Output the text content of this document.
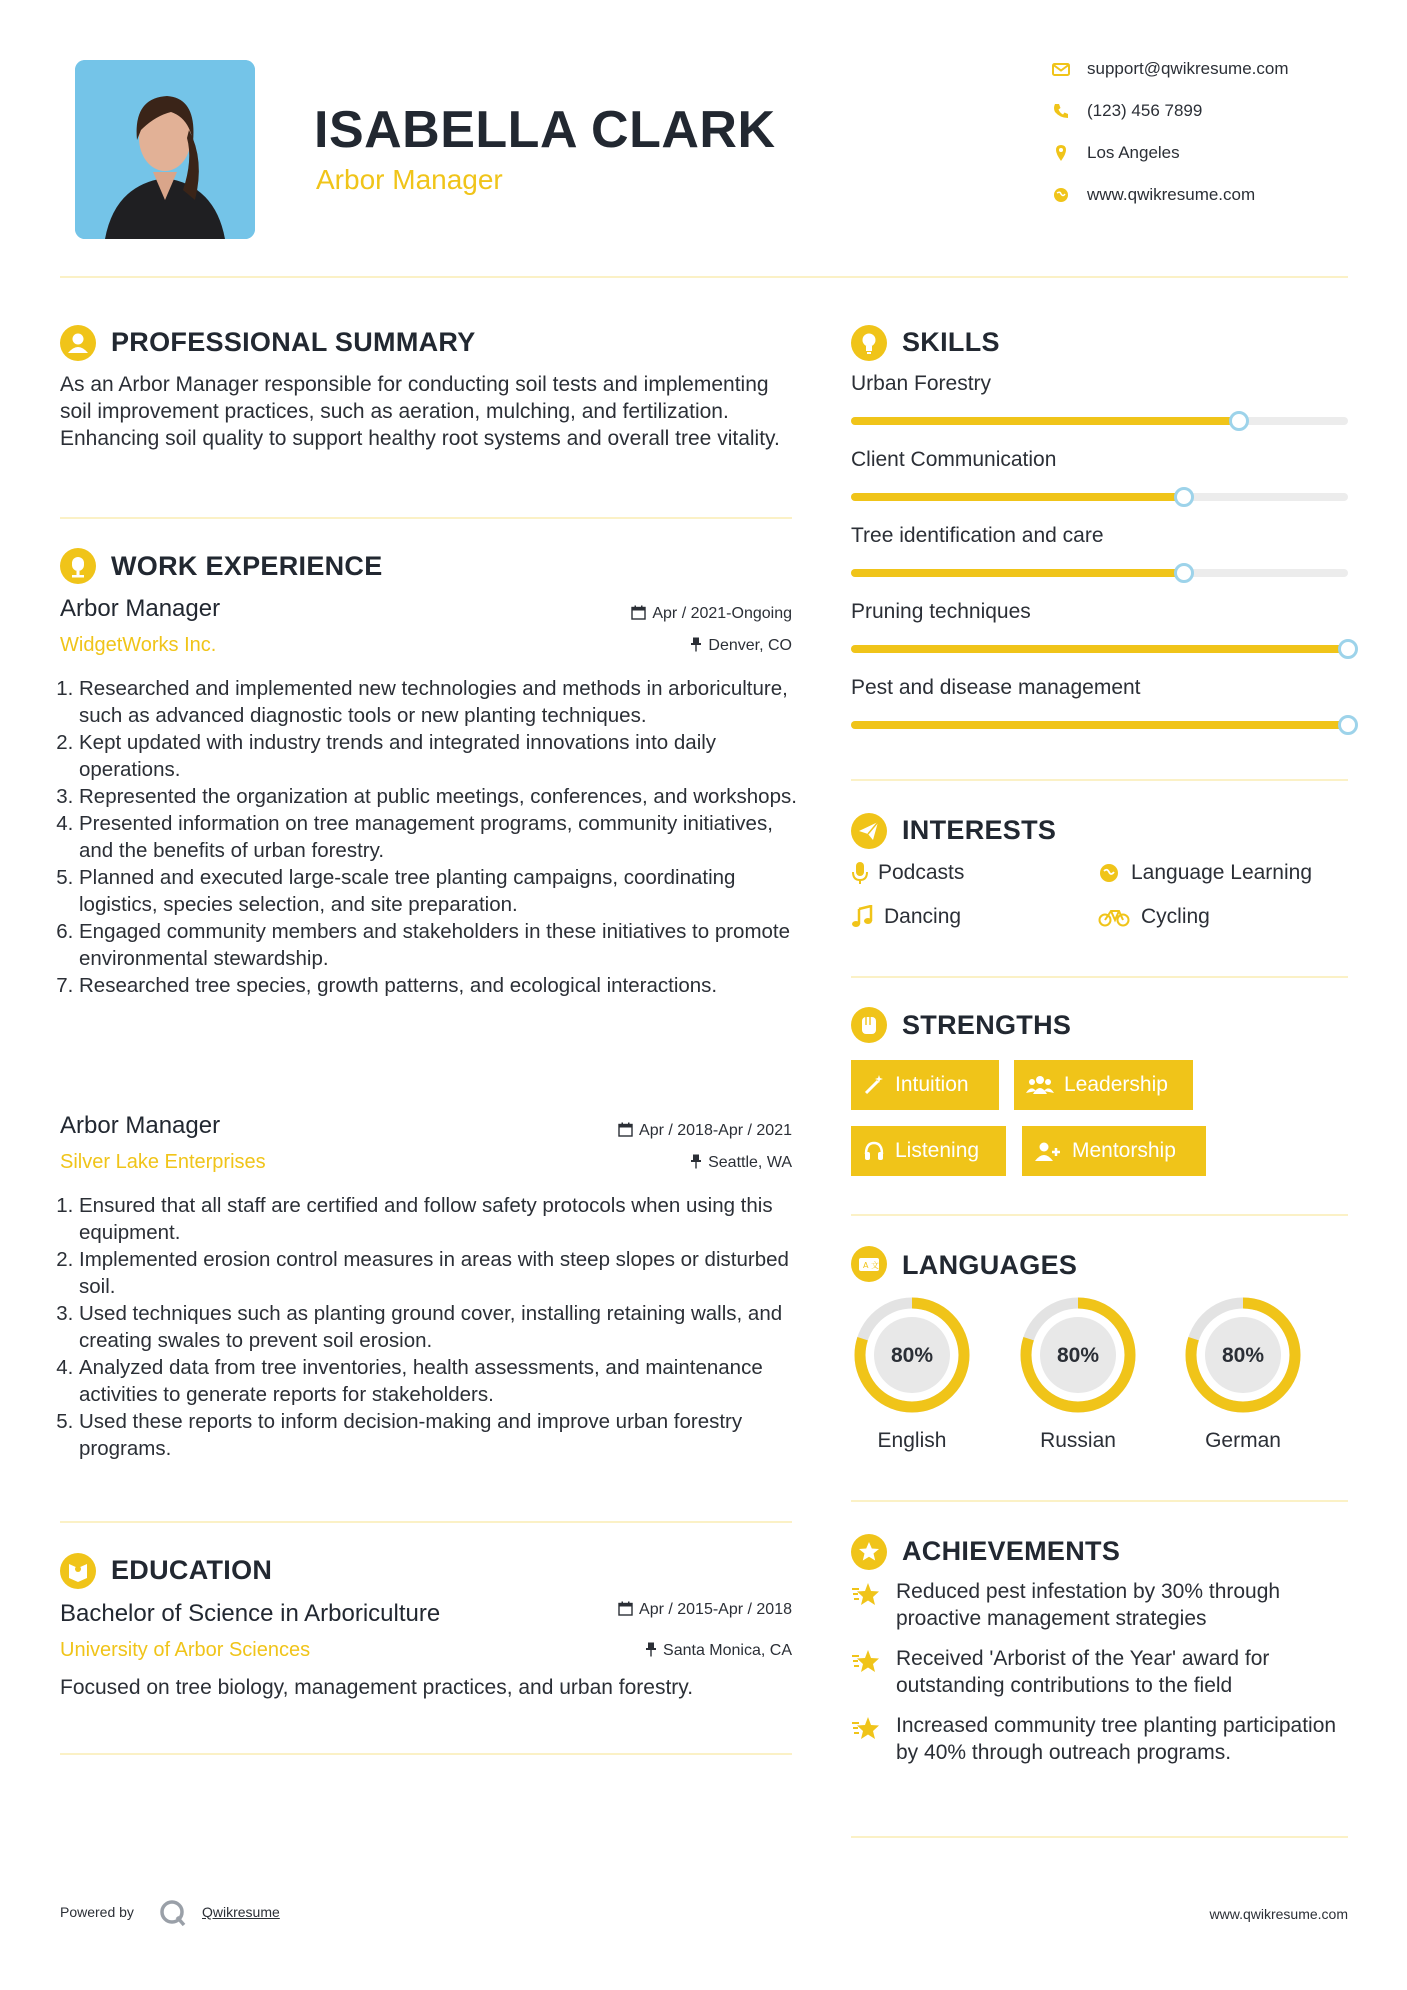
ISABELLA CLARK
Arbor Manager
support@qwikresume.com
(123) 456 7899
Los Angeles
www.qwikresume.com
PROFESSIONAL SUMMARY
As an Arbor Manager responsible for conducting soil tests and implementing soil improvement practices, such as aeration, mulching, and fertilization. Enhancing soil quality to support healthy root systems and overall tree vitality.
WORK EXPERIENCE
Arbor Manager	Apr / 2021-Ongoing
WidgetWorks Inc.	Denver, CO
1. Researched and implemented new technologies and methods in arboriculture, such as advanced diagnostic tools or new planting techniques.
2. Kept updated with industry trends and integrated innovations into daily operations.
3. Represented the organization at public meetings, conferences, and workshops.
4. Presented information on tree management programs, community initiatives, and the benefits of urban forestry.
5. Planned and executed large-scale tree planting campaigns, coordinating logistics, species selection, and site preparation.
6. Engaged community members and stakeholders in these initiatives to promote environmental stewardship.
7. Researched tree species, growth patterns, and ecological interactions.
Arbor Manager	Apr / 2018-Apr / 2021
Silver Lake Enterprises	Seattle, WA
1. Ensured that all staff are certified and follow safety protocols when using this equipment.
2. Implemented erosion control measures in areas with steep slopes or disturbed soil.
3. Used techniques such as planting ground cover, installing retaining walls, and creating swales to prevent soil erosion.
4. Analyzed data from tree inventories, health assessments, and maintenance activities to generate reports for stakeholders.
5. Used these reports to inform decision-making and improve urban forestry programs.
EDUCATION
Bachelor of Science in Arboriculture	Apr / 2015-Apr / 2018
University of Arbor Sciences	Santa Monica, CA
Focused on tree biology, management practices, and urban forestry.
SKILLS
Urban Forestry
Client Communication
Tree identification and care
Pruning techniques
Pest and disease management
INTERESTS
Podcasts	Language Learning
Dancing	Cycling
STRENGTHS
Intuition	Leadership
Listening	Mentorship
A 文 LANGUAGES
80%
English
80%
Russian
80%
German
ACHIEVEMENTS
Reduced pest infestation by 30% through proactive management strategies
Received 'Arborist of the Year' award for outstanding contributions to the field
Increased community tree planting participation by 40% through outreach programs.
Powered by	Qwikresume	www.qwikresume.com
